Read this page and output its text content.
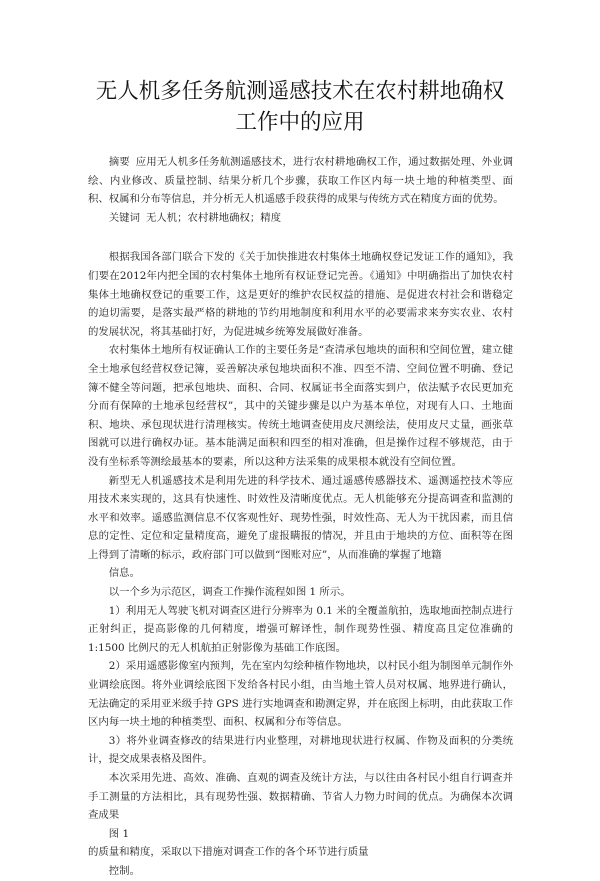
无人机多任务航测遥感技术在农村耕地确权
工作中的应用

摘要 应用无人机多任务航测遥感技术，进行农村耕地确权工作，通过数据处理、外业调绘、内业修改、质量控制、结果分析几个步骤，获取工作区内每一块土地的种植类型、面积、权属和分布等信息，并分析无人机遥感手段获得的成果与传统方式在精度方面的优势。

关键词 无人机；农村耕地确权；精度

根据我国各部门联合下发的《关于加快推进农村集体土地确权登记发证工作的通知》，我们要在2012年内把全国的农村集体土地所有权证登记完善。《通知》中明确指出了加快农村集体土地确权登记的重要工作，这是更好的维护农民权益的措施、是促进农村社会和谐稳定的迫切需要，是落实最严格的耕地的节约用地制度和利用水平的必要需求来夯实农业、农村的发展状况，将其基础打好，为促进城乡统筹发展做好准备。

农村集体土地所有权证确认工作的主要任务是“查清承包地块的面积和空间位置，建立健全土地承包经营权登记簿，妥善解决承包地块面积不准、四至不清、空间位置不明确、登记簿不健全等问题，把承包地块、面积、合同、权属证书全面落实到户，依法赋予农民更加充分而有保障的土地承包经营权”，其中的关键步骤是以户为基本单位，对现有人口、土地面积、地块、承包现状进行清理核实。传统土地调查使用皮尺测绘法，使用皮尺丈量，画张草图就可以进行确权办证。基本能满足面积和四至的相对准确，但是操作过程不够规范，由于没有坐标系等测绘最基本的要素，所以这种方法采集的成果根本就没有空间位置。

新型无人机遥感技术是利用先进的科学技术、通过遥感传感器技术、遥测遥控技术等应用技术来实现的，这具有快速性、时效性及清晰度优点。无人机能够充分提高调查和监测的水平和效率。遥感监测信息不仅客观性好、现势性强，时效性高、无人为干扰因素，而且信息的定性、定位和定量精度高，避免了虚报瞒报的情况，并且由于地块的方位、面积等在图上得到了清晰的标示，政府部门可以做到“图账对应”，从而准确的掌握了地籍

信息。

以一个乡为示范区，调查工作操作流程如图 1 所示。

1）利用无人驾驶飞机对调查区进行分辨率为 0.1 米的全覆盖航拍，选取地面控制点进行正射纠正，提高影像的几何精度，增强可解译性，制作现势性强、精度高且定位准确的 1:1500 比例尺的无人机航拍正射影像为基础工作底图。

2）采用遥感影像室内预判，先在室内勾绘种植作物地块，以村民小组为制图单元制作外业调绘底图。将外业调绘底图下发给各村民小组，由当地土管人员对权属、地界进行确认，无法确定的采用亚米级手持 GPS 进行实地调查和勘测定界，并在底图上标明，由此获取工作区内每一块土地的种植类型、面积、权属和分布等信息。

3）将外业调查修改的结果进行内业整理，对耕地现状进行权属、作物及面积的分类统计，提交成果表格及图件。

本次采用先进、高效、准确、直观的调查及统计方法，与以往由各村民小组自行调查并手工测量的方法相比，具有现势性强、数据精确、节省人力物力时间的优点。为确保本次调查成果

图 1

的质量和精度，采取以下措施对调查工作的各个环节进行质量

控制。
